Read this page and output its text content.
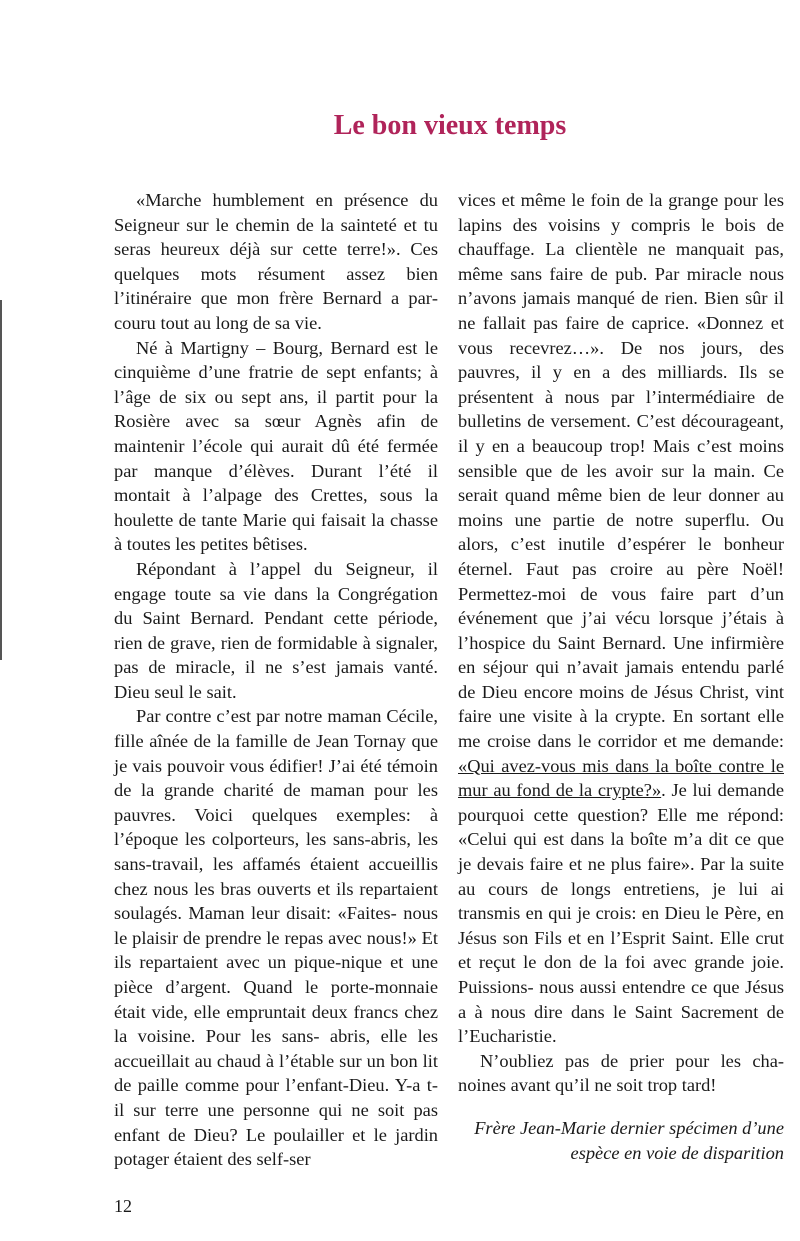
Le bon vieux temps

«Marche humblement en présence du Seigneur sur le chemin de la sainteté et tu seras heureux déjà sur cette terre!». Ces quelques mots résument assez bien l’itinéraire que mon frère Bernard a parcouru tout au long de sa vie.

Né à Martigny – Bourg, Bernard est le cinquième d’une fratrie de sept enfants; à l’âge de six ou sept ans, il partit pour la Rosière avec sa sœur Agnès afin de maintenir l’école qui aurait dû été fermée par manque d’élèves. Durant l’été il montait à l’alpage des Crettes, sous la houlette de tante Marie qui faisait la chasse à toutes les petites bêtises.

Répondant à l’appel du Seigneur, il engage toute sa vie dans la Congrégation du Saint Bernard. Pendant cette période, rien de grave, rien de formidable à signaler, pas de miracle, il ne s’est jamais vanté. Dieu seul le sait.

Par contre c’est par notre maman Cécile, fille aînée de la famille de Jean Tornay que je vais pouvoir vous édifier! J’ai été témoin de la grande charité de maman pour les pauvres. Voici quelques exemples: à l’époque les colporteurs, les sans-abris, les sans-travail, les affamés étaient accueillis chez nous les bras ouverts et ils repartaient soulagés. Maman leur disait: «Faites- nous le plaisir de prendre le repas avec nous!» Et ils repartaient avec un pique-nique et une pièce d’argent. Quand le porte-monnaie était vide, elle empruntait deux francs chez la voisine. Pour les sans- abris, elle les accueillait au chaud à l’étable sur un bon lit de paille comme pour l’enfant-Dieu. Y-a t- il sur terre une personne qui ne soit pas enfant de Dieu? Le poulailler et le jardin potager étaient des self-ser

vices et même le foin de la grange pour les lapins des voisins y compris le bois de chauffage. La clientèle ne manquait pas, même sans faire de pub. Par miracle nous n’avons jamais manqué de rien. Bien sûr il ne fallait pas faire de caprice. «Donnez et vous recevrez…». De nos jours, des pauvres, il y en a des milliards. Ils se présentent à nous par l’intermédiaire de bulletins de versement. C’est décourageant, il y en a beaucoup trop! Mais c’est moins sensible que de les avoir sur la main. Ce serait quand même bien de leur donner au moins une partie de notre superflu. Ou alors, c’est inutile d’espérer le bonheur éternel. Faut pas croire au père Noël! Permettez-moi de vous faire part d’un événement que j’ai vécu lorsque j’étais à l’hospice du Saint Bernard. Une infirmière en séjour qui n’avait jamais entendu parlé de Dieu encore moins de Jésus Christ, vint faire une visite à la crypte. En sortant elle me croise dans le corridor et me demande: «Qui avez-vous mis dans la boîte contre le mur au fond de la crypte?». Je lui demande pourquoi cette question? Elle me répond: «Celui qui est dans la boîte m’a dit ce que je devais faire et ne plus faire». Par la suite au cours de longs entretiens, je lui ai transmis en qui je crois: en Dieu le Père, en Jésus son Fils et en l’Esprit Saint. Elle crut et reçut le don de la foi avec grande joie. Puissions- nous aussi entendre ce que Jésus a à nous dire dans le Saint Sacrement de l’Eucharistie.

N’oubliez pas de prier pour les chanoines avant qu’il ne soit trop tard!

Frère Jean-Marie dernier spécimen d’une espèce en voie de disparition

12
